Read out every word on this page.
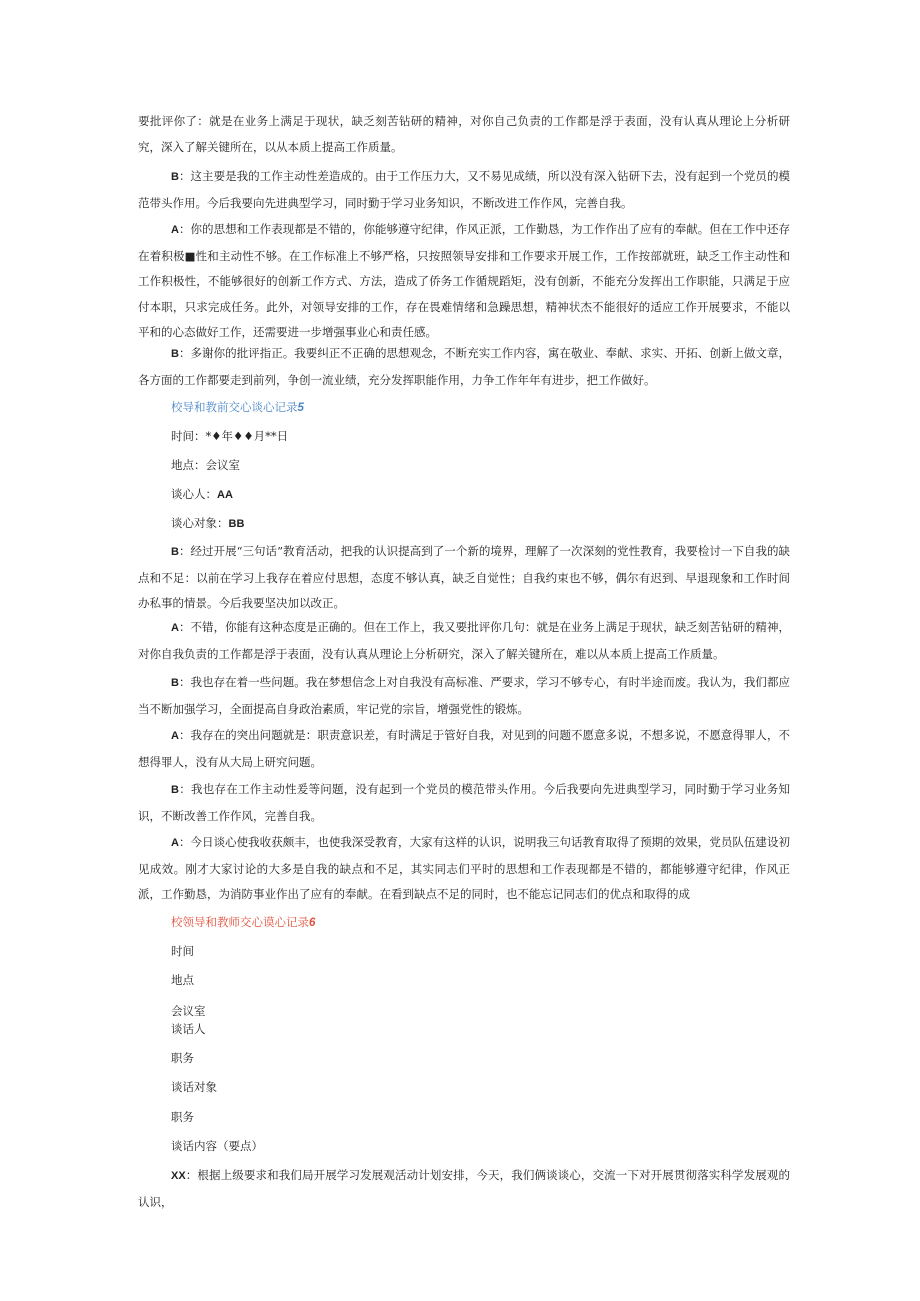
要批评你了：就是在业务上满足于现状，缺乏刻苦钻研的精神，对你自己负责的工作都是浮于表面，没有认真从理论上分析研究，深入了解关键所在，以从本质上提高工作质量。

B：这主要是我的工作主动性差造成的。由于工作压力大，又不易见成绩，所以没有深入钻研下去，没有起到一个党员的模范带头作用。今后我要向先进典型学习，同时勤于学习业务知识，不断改进工作作风，完善自我。

A：你的思想和工作表现都是不错的，你能够遵守纪律，作风正派，工作勤恳，为工作作出了应有的奉献。但在工作中还存在着积极■性和主动性不够。在工作标准上不够严格，只按照领导安排和工作要求开展工作，工作按部就班，缺乏工作主动性和工作积极性，不能够很好的创新工作方式、方法，造成了侨务工作循规蹈矩，没有创新，不能充分发挥出工作职能，只满足于应付本职，只求完成任务。此外，对领导安排的工作，存在畏难情绪和急躁思想，精神状杰不能很好的适应工作开展要求，不能以平和的心态做好工作，还需要进一步增强事业心和责任感。

B：多谢你的批评指正。我要纠正不正确的思想观念，不断充实工作内容，寓在敬业、奉献、求实、开拓、创新上做文章，各方面的工作都要走到前列，争创一流业绩，充分发挥职能作用，力争工作年年有进步，把工作做好。

校导和教前交心谈心记录5

时间：*♦年♦♦月**日

地点：会议室

谈心人：AA

谈心对象：BB

B：经过开展“三句话”教育活动，把我的认识提高到了一个新的境界，理解了一次深刻的党性教育，我要检讨一下自我的缺点和不足：以前在学习上我存在着应付思想，态度不够认真，缺乏自觉性；自我约束也不够，偶尔有迟到、早退现象和工作时间办私事的情景。今后我要坚决加以改正。

A：不错，你能有这种态度是正确的。但在工作上，我又要批评你几句：就是在业务上满足于现状，缺乏刻苦钻研的精神，对你自我负责的工作都是浮于表面，没有认真从理论上分析研究，深入了解关键所在，难以从本质上提高工作质量。

B：我也存在着一些问题。我在梦想信念上对自我没有高标准、严要求，学习不够专心，有时半途而废。我认为，我们都应当不断加强学习，全面提高自身政治素质，牢记党的宗旨，增强党性的锻炼。

A：我存在的突出问题就是：职责意识差，有时满足于管好自我，对见到的问题不愿意多说，不想多说，不愿意得罪人，不想得罪人，没有从大局上研究问题。

B：我也存在工作主动性爰等问题，没有起到一个党员的模范带头作用。今后我要向先进典型学习，同时勤于学习业务知识，不断改善工作作风，完善自我。

A：今日谈心使我收获颇丰，也使我深受教育，大家有这样的认识，说明我三句话教育取得了预期的效果，党员队伍建设初见成效。刚才大家讨论的大多是自我的缺点和不足，其实同志们平时的思想和工作表现都是不错的，都能够遵守纪律，作风正派，工作勤恳，为消防事业作出了应有的奉献。在看到缺点不足的同时，也不能忘记同志们的优点和取得的成

校领导和教师交心谟心记录6

时间

地点

会议室

谈话人

职务

谈话对象

职务

谈话内容（要点）

XX：根据上级要求和我们局开展学习发展观活动计划安排，今天，我们俩谈谈心，交流一下对开展贯彻落实科学发展观的认识，
